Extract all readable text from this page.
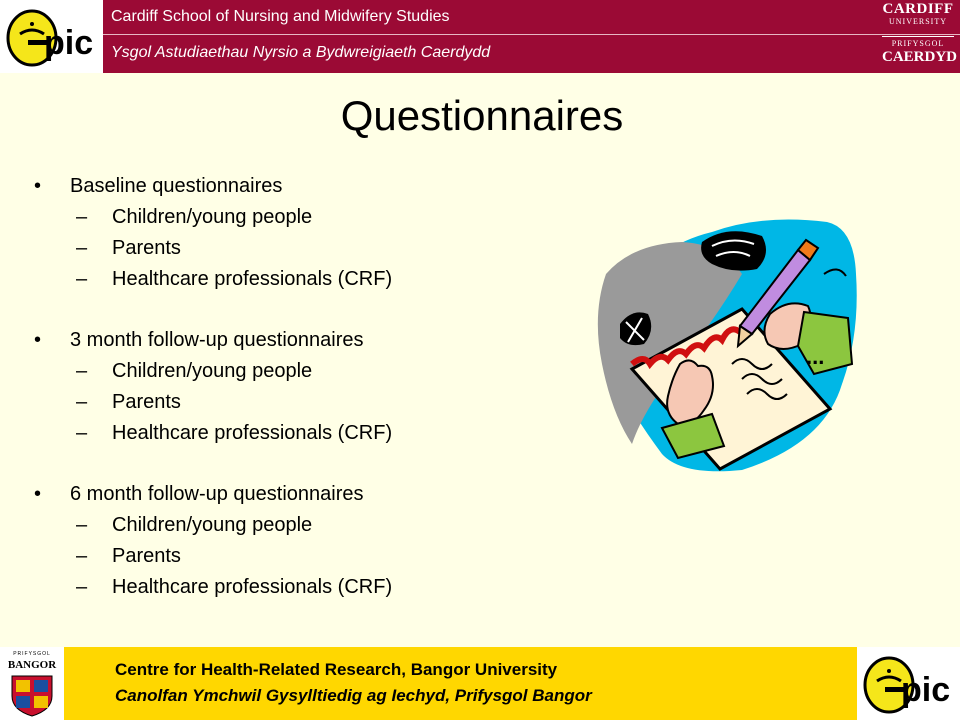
pic
Cardiff School of Nursing and Midwifery Studies
Ysgol Astudiaethau Nyrsio a Bydwreigiaeth Caerdydd
CARDIFF
UNIVERSITY
PRIFYSGOL
CAERDYD
Questionnaires
• Baseline questionnaires
– Children/young people
– Parents
– Healthcare professionals (CRF)
• 3 month follow-up questionnaires
– Children/young people
– Parents
– Healthcare professionals (CRF)
• 6 month follow-up questionnaires
– Children/young people
– Parents
– Healthcare professionals (CRF)
...
PRIFYSGOL
BANGOR	Centre for Health-Related Research, Bangor University
Canolfan Ymchwil Gysylltiedig ag Iechyd, Prifysgol Bangor	pic
